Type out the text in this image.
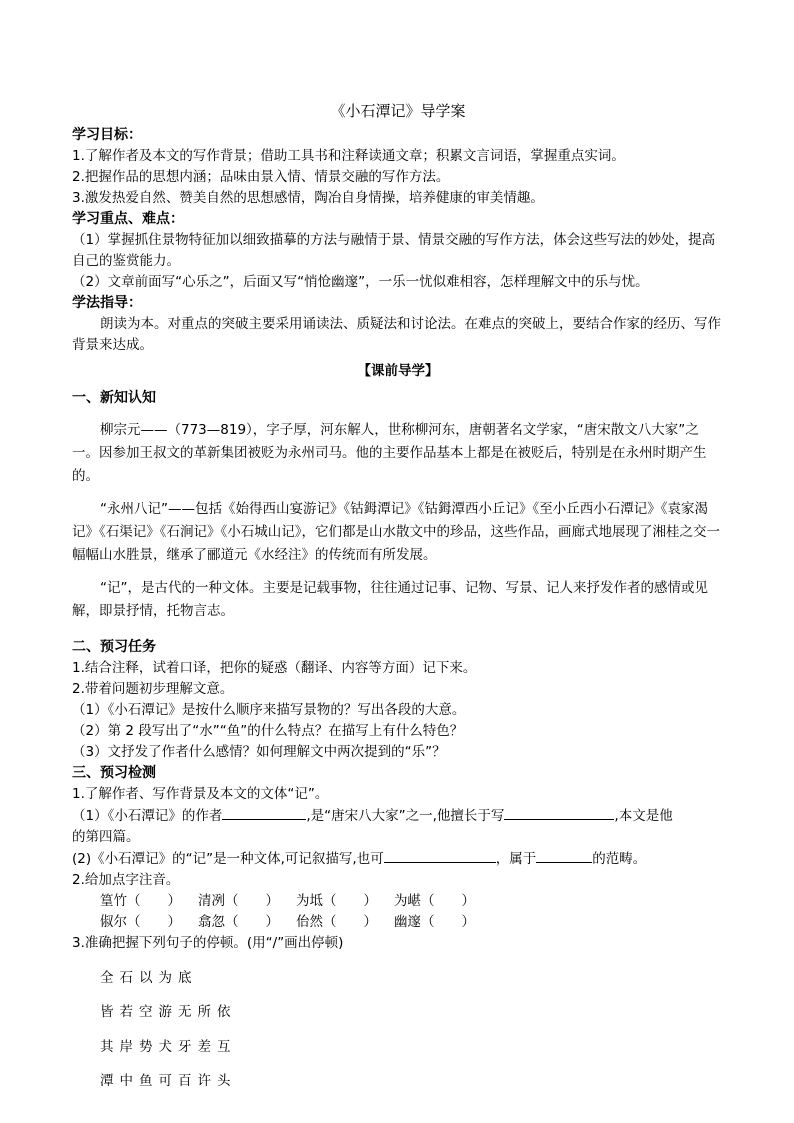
《小石潭记》导学案

学习目标：

1.了解作者及本文的写作背景；借助工具书和注释读通文章；积累文言词语，掌握重点实词。

2.把握作品的思想内涵；品味由景入情、情景交融的写作方法。

3.激发热爱自然、赞美自然的思想感情，陶冶自身情操，培养健康的审美情趣。

学习重点、难点：

（1）掌握抓住景物特征加以细致描摹的方法与融情于景、情景交融的写作方法，体会这些写法的妙处，提高自己的鉴赏能力。

（2）文章前面写“心乐之”，后面又写“悄怆幽邃”，一乐一忧似难相容，怎样理解文中的乐与忧。

学法指导：

朗读为本。对重点的突破主要采用诵读法、质疑法和讨论法。在难点的突破上，要结合作家的经历、写作背景来达成。

【课前导学】

一、新知认知

柳宗元——（773—819），字子厚，河东解人，世称柳河东，唐朝著名文学家，“唐宋散文八大家”之一。因参加王叔文的革新集团被贬为永州司马。他的主要作品基本上都是在被贬后，特别是在永州时期产生的。

“永州八记”——包括《始得西山宴游记》《钴鉧潭记》《钴鉧潭西小丘记》《至小丘西小石潭记》《袁家渴记》《石渠记》《石涧记》《小石城山记》，它们都是山水散文中的珍品，这些作品，画廊式地展现了湘桂之交一幅幅山水胜景，继承了郦道元《水经注》的传统而有所发展。

“记”，是古代的一种文体。主要是记载事物，往往通过记事、记物、写景、记人来抒发作者的感情或见解，即景抒情，托物言志。

二、预习任务

1.结合注释，试着口译，把你的疑惑（翻译、内容等方面）记下来。

2.带着问题初步理解文意。

（1）《小石潭记》是按什么顺序来描写景物的？写出各段的大意。

（2）第 2 段写出了“水”“鱼”的什么特点？在描写上有什么特色？

（3）文抒发了作者什么感情？如何理解文中两次提到的“乐”？

三、预习检测

1.了解作者、写作背景及本文的文体“记”。

（1）《小石潭记》的作者	,是“唐宋八大家”之一,他擅长于写	,本文是他
的第四篇。

(2)《小石潭记》的“记”是一种文体,可记叙描写,也可	，属于	的范畴。

2.给加点字注音。

篁竹（　　）	清冽（　　）	为坻（　　）	为嵁（　　）
俶尔（　　）	翕忽（　　）	佁然（　　）	幽邃（　　）

3.准确把握下列句子的停顿。(用“/”画出停顿)

全石以为底

皆若空游无所依

其岸势犬牙差互

潭中鱼可百许头
